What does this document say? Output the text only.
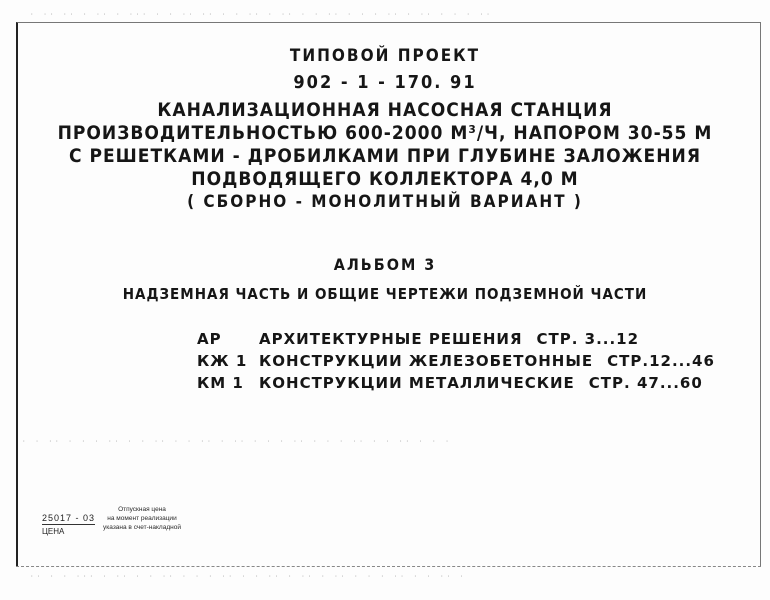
· ·· ·· · ·· · ··· · · ·· ·· · · ·· · ·· · · ·· · · · ·· · ·· · · · ··
· · ·· · · · ·· · · ·· · · ·· · ·· · · · ·· · · · ·· · · ·· · · ·
·· · · ··· · ·· · · ·· · · · ·· · · ·· · ·· · ·· · · · ·· · · ·· ·
ТИПОВОЙ ПРОЕКТ
902 - 1 - 170. 91
КАНАЛИЗАЦИОННАЯ НАСОСНАЯ СТАНЦИЯ
ПРОИЗВОДИТЕЛЬНОСТЬЮ 600-2000 М³/Ч, НАПОРОМ 30-55 М
С РЕШЕТКАМИ - ДРОБИЛКАМИ ПРИ ГЛУБИНЕ ЗАЛОЖЕНИЯ
ПОДВОДЯЩЕГО КОЛЛЕКТОРА 4,0 М
( СБОРНО - МОНОЛИТНЫЙ ВАРИАНТ )
АЛЬБОМ 3
НАДЗЕМНАЯ ЧАСТЬ И ОБЩИЕ ЧЕРТЕЖИ ПОДЗЕМНОЙ ЧАСТИ
АР	АРХИТЕКТУРНЫЕ РЕШЕНИЯ СТР. 3...12
КЖ 1 КОНСТРУКЦИИ ЖЕЛЕЗОБЕТОННЫЕ СТР.12...46
КМ 1	КОНСТРУКЦИИ МЕТАЛЛИЧЕСКИЕ СТР. 47...60
25017 - 03
ЦЕНА
Отпускная цена
на момент реализации
указана в счет-накладной
